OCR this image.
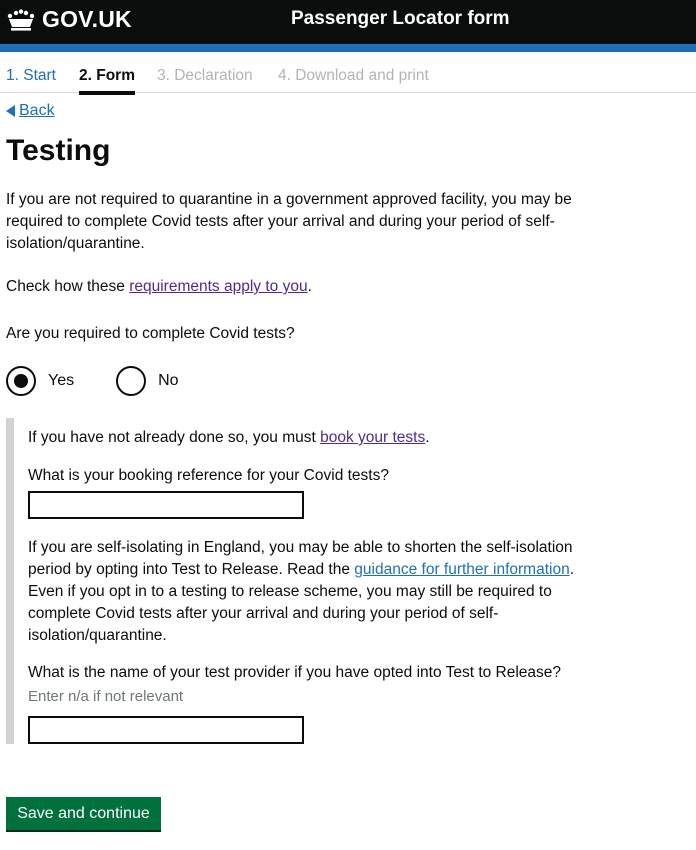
GOV.UK	Passenger Locator form
1. Start 2. Form 3. Declaration 4. Download and print
Back
Testing
If you are not required to quarantine in a government approved facility, you may be required to complete Covid tests after your arrival and during your period of self-isolation/quarantine.
Check how these requirements apply to you.
Are you required to complete Covid tests?
Yes	No
If you have not already done so, you must book your tests.
What is your booking reference for your Covid tests?
If you are self-isolating in England, you may be able to shorten the self-isolation period by opting into Test to Release. Read the guidance for further information. Even if you opt in to a testing to release scheme, you may still be required to complete Covid tests after your arrival and during your period of self-isolation/quarantine.
What is the name of your test provider if you have opted into Test to Release?
Enter n/a if not relevant
Save and continue
